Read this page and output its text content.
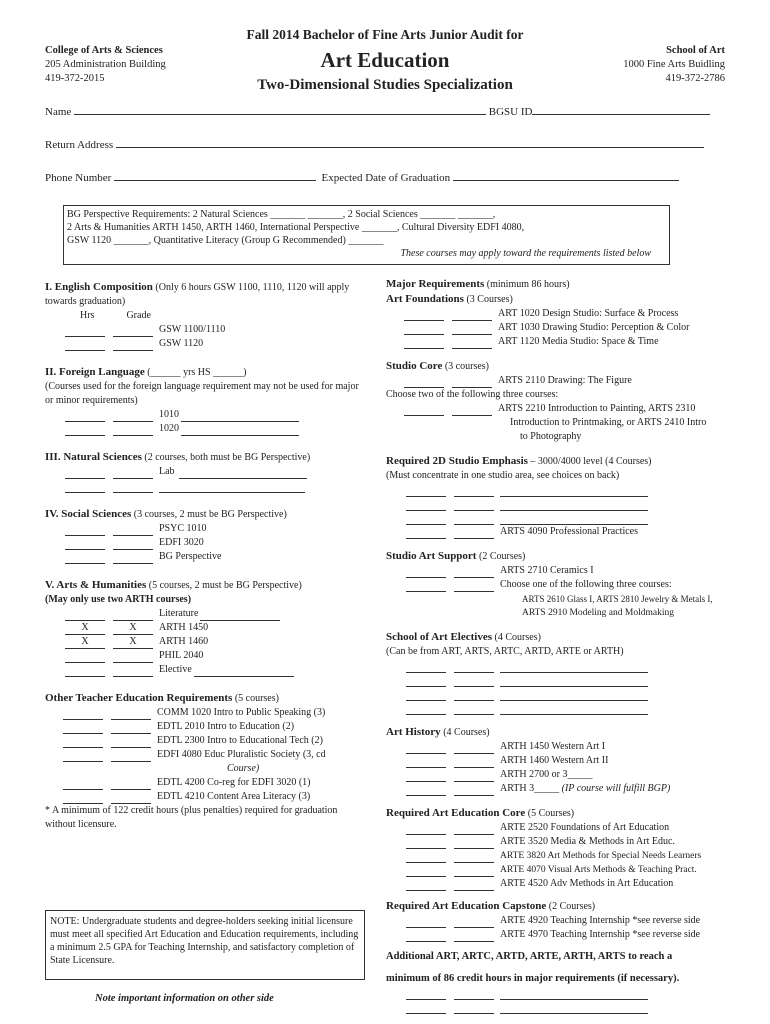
Fall 2014 Bachelor of Fine Arts Junior Audit for
Art Education
Two-Dimensional Studies Specialization
College of Arts & Sciences
205 Administration Building
419-372-2015
School of Art
1000 Fine Arts Buidling
419-372-2786
Name	BGSU ID
Return Address
Phone Number	Expected Date of Graduation
BG Perspective Requirements: 2 Natural Sciences _______ _______, 2 Social Sciences _______ _______,
2 Arts & Humanities ARTH 1450, ARTH 1460, International Perspective _______, Cultural Diversity EDFI 4080,
GSW 1120 _______, Quantitative Literacy (Group G Recommended) _______
These courses may apply toward the requirements listed below
I. English Composition (Only 6 hours GSW 1100, 1110, 1120 will apply towards graduation)
Hrs	Grade
GSW 1100/1110
GSW 1120
II. Foreign Language (______ yrs HS ______)
(Courses used for the foreign language requirement may not be used for major or minor requirements)
1010
1020
III. Natural Sciences (2 courses, both must be BG Perspective)
Lab
IV. Social Sciences (3 courses, 2 must be BG Perspective)
PSYC 1010
EDFI 3020
BG Perspective
V. Arts & Humanities (5 courses, 2 must be BG Perspective)
(May only use two ARTH courses)
Literature
X	X	ARTH 1450
X	X	ARTH 1460
PHIL 2040
Elective
Other Teacher Education Requirements (5 courses)
COMM 1020 Intro to Public Speaking (3)
EDTL 2010 Intro to Education (2)
EDTL 2300 Intro to Educational Tech (2)
EDFI 4080 Educ Pluralistic Society (3, cd
Course)
EDTL 4200 Co-reg for EDFI 3020 (1)
EDTL 4210 Content Area Literacy (3)
* A minimum of 122 credit hours (plus penalties) required for graduation without licensure.
NOTE: Undergraduate students and degree-holders seeking initial licensure must meet all specified Art Education and Education requirements, including a minimum 2.5 GPA for Teaching Internship, and satisfactory completion of State Licensure.
Note important information on other side
Major Requirements (minimum 86 hours)
Art Foundations (3 Courses)
ART 1020 Design Studio: Surface & Process
ART 1030 Drawing Studio: Perception & Color
ART 1120 Media Studio: Space & Time
Studio Core (3 courses)
ARTS 2110 Drawing: The Figure
Choose two of the following three courses:
ARTS 2210 Introduction to Painting, ARTS 2310
Introduction to Printmaking, or ARTS 2410 Intro
to Photography
Required 2D Studio Emphasis – 3000/4000 level (4 Courses)
(Must concentrate in one studio area, see choices on back)
ARTS 4090 Professional Practices
Studio Art Support (2 Courses)
ARTS 2710 Ceramics I
Choose one of the following three courses:
ARTS 2610 Glass I, ARTS 2810 Jewelry & Metals I,
ARTS 2910 Modeling and Moldmaking
School of Art Electives (4 Courses)
(Can be from ART, ARTS, ARTC, ARTD, ARTE or ARTH)
Art History (4 Courses)
ARTH 1450 Western Art I
ARTH 1460 Western Art II
ARTH 2700 or 3_____
ARTH 3_____
(IP course will fulfill BGP)
Required Art Education Core (5 Courses)
ARTE 2520 Foundations of Art Education
ARTE 3520 Media & Methods in Art Educ.
ARTE 3820 Art Methods for Special Needs Learners
ARTE 4070 Visual Arts Methods & Teaching Pract.
ARTE 4520 Adv Methods in Art Education
Required Art Education Capstone (2 Courses)
ARTE 4920 Teaching Internship *see reverse side
ARTE 4970 Teaching Internship *see reverse side
Additional ART, ARTC, ARTD, ARTE, ARTH, ARTS to reach a
minimum of 86 credit hours in major requirements (if necessary).
